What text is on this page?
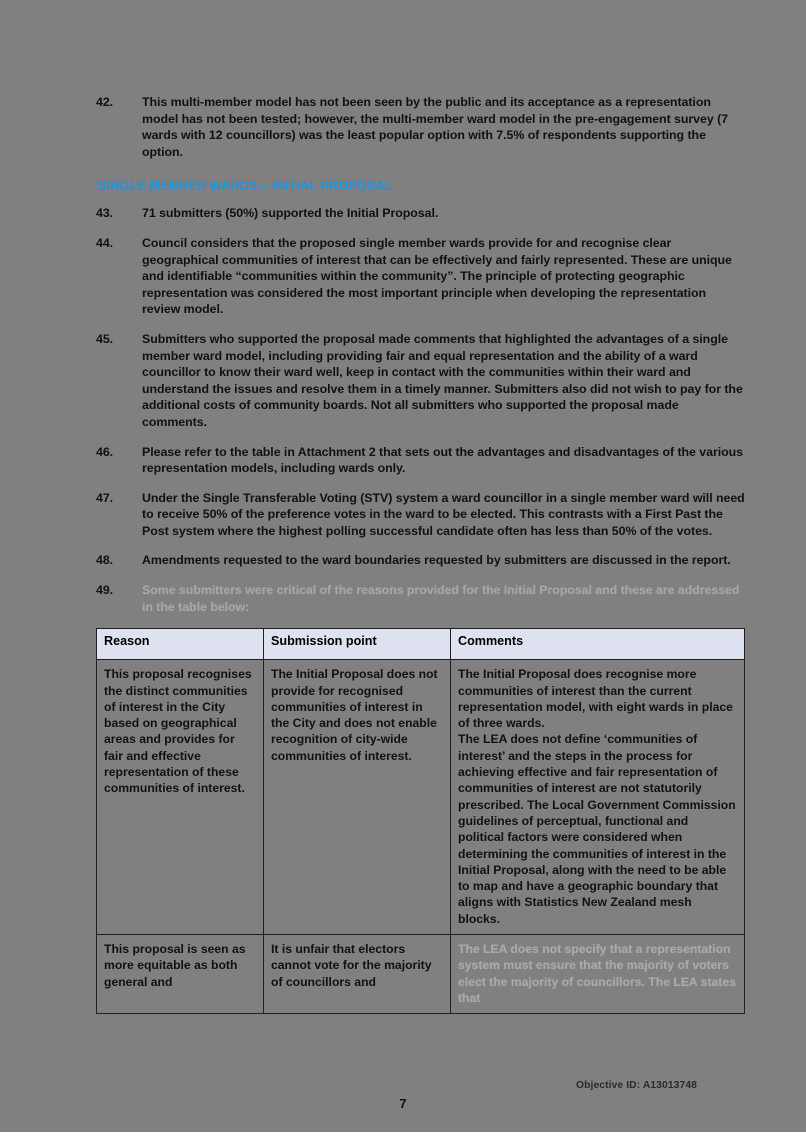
42.	This multi-member model has not been seen by the public and its acceptance as a representation model has not been tested; however, the multi-member ward model in the pre-engagement survey (7 wards with 12 councillors) was the least popular option with 7.5% of respondents supporting the option.
SINGLE MEMBER WARDS – INITIAL PROPOSAL
43.	71 submitters (50%) supported the Initial Proposal.
44.	Council considers that the proposed single member wards provide for and recognise clear geographical communities of interest that can be effectively and fairly represented. These are unique and identifiable “communities within the community”. The principle of protecting geographic representation was considered the most important principle when developing the representation review model.
45.	Submitters who supported the proposal made comments that highlighted the advantages of a single member ward model, including providing fair and equal representation and the ability of a ward councillor to know their ward well, keep in contact with the communities within their ward and understand the issues and resolve them in a timely manner. Submitters also did not wish to pay for the additional costs of community boards. Not all submitters who supported the proposal made comments.
46.	Please refer to the table in Attachment 2 that sets out the advantages and disadvantages of the various representation models, including wards only.
47.	Under the Single Transferable Voting (STV) system a ward councillor in a single member ward will need to receive 50% of the preference votes in the ward to be elected. This contrasts with a First Past the Post system where the highest polling successful candidate often has less than 50% of the votes.
48.	Amendments requested to the ward boundaries requested by submitters are discussed in the report.
49.	Some submitters were critical of the reasons provided for the Initial Proposal and these are addressed in the table below:
Reason	Submission point	Comments
This proposal recognises the distinct communities of interest in the City based on geographical areas and provides for fair and effective representation of these communities of interest.	The Initial Proposal does not provide for recognised communities of interest in the City and does not enable recognition of city-wide communities of interest.	The Initial Proposal does recognise more communities of interest than the current representation model, with eight wards in place of three wards.

The LEA does not define ‘communities of interest’ and the steps in the process for achieving effective and fair representation of communities of interest are not statutorily prescribed. The Local Government Commission guidelines of perceptual, functional and political factors were considered when determining the communities of interest in the Initial Proposal, along with the need to be able to map and have a geographic boundary that aligns with Statistics New Zealand mesh blocks.

This proposal is seen as more equitable as both general and	It is unfair that electors cannot vote for the majority of councillors and	The LEA does not specify that a representation system must ensure that the majority of voters elect the majority of councillors. The LEA states that

Objective ID: A13013748
7
